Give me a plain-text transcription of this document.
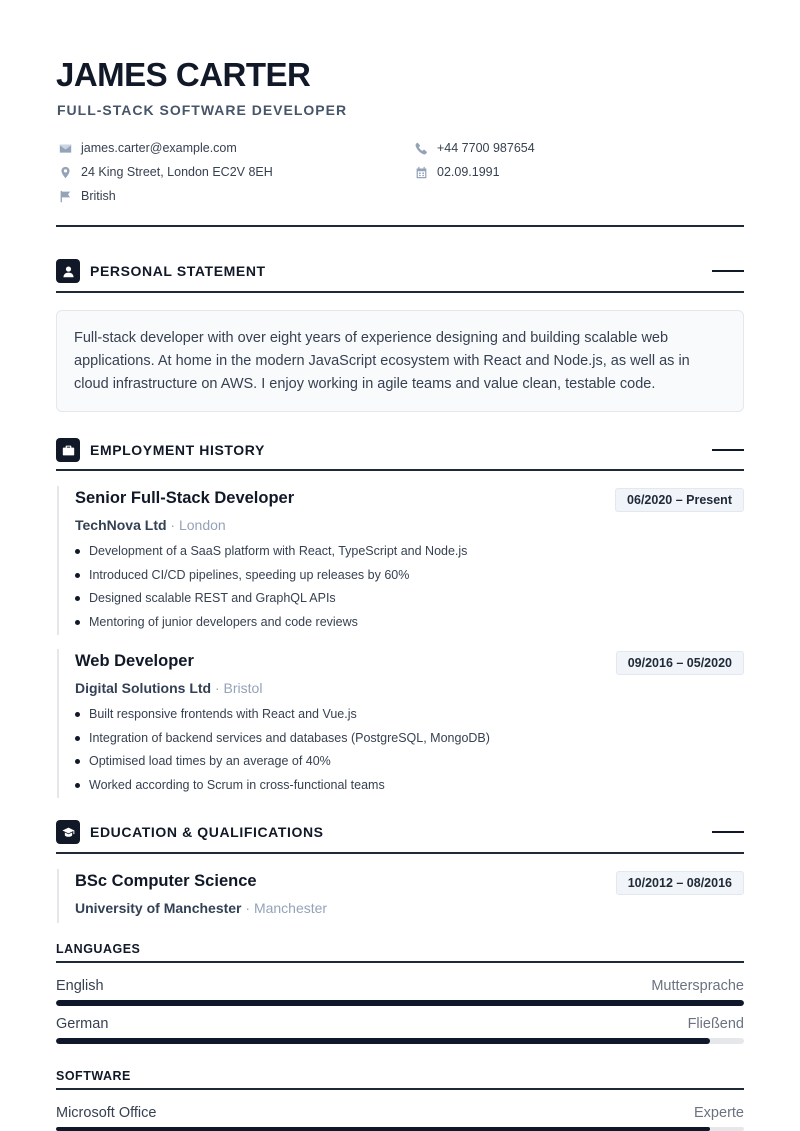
JAMES CARTER
FULL-STACK SOFTWARE DEVELOPER
james.carter@example.com
24 King Street, London EC2V 8EH
British
+44 7700 987654
02.09.1991
PERSONAL STATEMENT
Full-stack developer with over eight years of experience designing and building scalable web applications. At home in the modern JavaScript ecosystem with React and Node.js, as well as in cloud infrastructure on AWS. I enjoy working in agile teams and value clean, testable code.
EMPLOYMENT HISTORY
Senior Full-Stack Developer	06/2020 – Present
TechNova Ltd · London
Development of a SaaS platform with React, TypeScript and Node.js
Introduced CI/CD pipelines, speeding up releases by 60%
Designed scalable REST and GraphQL APIs
Mentoring of junior developers and code reviews
Web Developer	09/2016 – 05/2020
Digital Solutions Ltd · Bristol
Built responsive frontends with React and Vue.js
Integration of backend services and databases (PostgreSQL, MongoDB)
Optimised load times by an average of 40%
Worked according to Scrum in cross-functional teams
EDUCATION & QUALIFICATIONS
BSc Computer Science	10/2012 – 08/2016
University of Manchester · Manchester
LANGUAGES
English	Muttersprache
German	Fließend
SOFTWARE
Microsoft Office	Experte
